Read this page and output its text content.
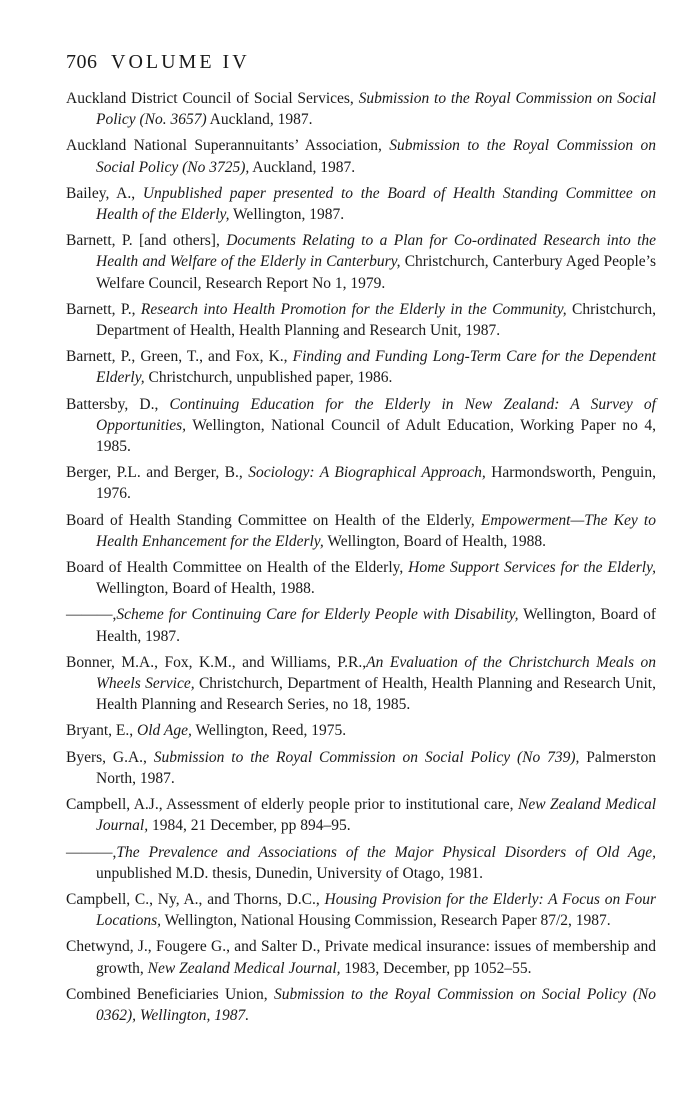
706 VOLUME IV
Auckland District Council of Social Services, Submission to the Royal Commission on Social Policy (No. 3657) Auckland, 1987.
Auckland National Superannuitants’ Association, Submission to the Royal Commission on Social Policy (No 3725), Auckland, 1987.
Bailey, A., Unpublished paper presented to the Board of Health Standing Committee on Health of the Elderly, Wellington, 1987.
Barnett, P. [and others], Documents Relating to a Plan for Co-ordinated Research into the Health and Welfare of the Elderly in Canterbury, Christchurch, Canterbury Aged People’s Welfare Council, Research Report No 1, 1979.
Barnett, P., Research into Health Promotion for the Elderly in the Community, Christchurch, Department of Health, Health Planning and Research Unit, 1987.
Barnett, P., Green, T., and Fox, K., Finding and Funding Long-Term Care for the Dependent Elderly, Christchurch, unpublished paper, 1986.
Battersby, D., Continuing Education for the Elderly in New Zealand: A Survey of Opportunities, Wellington, National Council of Adult Education, Working Paper no 4, 1985.
Berger, P.L. and Berger, B., Sociology: A Biographical Approach, Harmondsworth, Penguin, 1976.
Board of Health Standing Committee on Health of the Elderly, Empowerment—The Key to Health Enhancement for the Elderly, Wellington, Board of Health, 1988.
Board of Health Committee on Health of the Elderly, Home Support Services for the Elderly, Wellington, Board of Health, 1988.
———,Scheme for Continuing Care for Elderly People with Disability, Wellington, Board of Health, 1987.
Bonner, M.A., Fox, K.M., and Williams, P.R.,An Evaluation of the Christchurch Meals on Wheels Service, Christchurch, Department of Health, Health Planning and Research Unit, Health Planning and Research Series, no 18, 1985.
Bryant, E., Old Age, Wellington, Reed, 1975.
Byers, G.A., Submission to the Royal Commission on Social Policy (No 739), Palmerston North, 1987.
Campbell, A.J., Assessment of elderly people prior to institutional care, New Zealand Medical Journal, 1984, 21 December, pp 894–95.
———,The Prevalence and Associations of the Major Physical Disorders of Old Age, unpublished M.D. thesis, Dunedin, University of Otago, 1981.
Campbell, C., Ny, A., and Thorns, D.C., Housing Provision for the Elderly: A Focus on Four Locations, Wellington, National Housing Commission, Research Paper 87/2, 1987.
Chetwynd, J., Fougere G., and Salter D., Private medical insurance: issues of membership and growth, New Zealand Medical Journal, 1983, December, pp 1052–55.
Combined Beneficiaries Union, Submission to the Royal Commission on Social Policy (No 0362), Wellington, 1987.
